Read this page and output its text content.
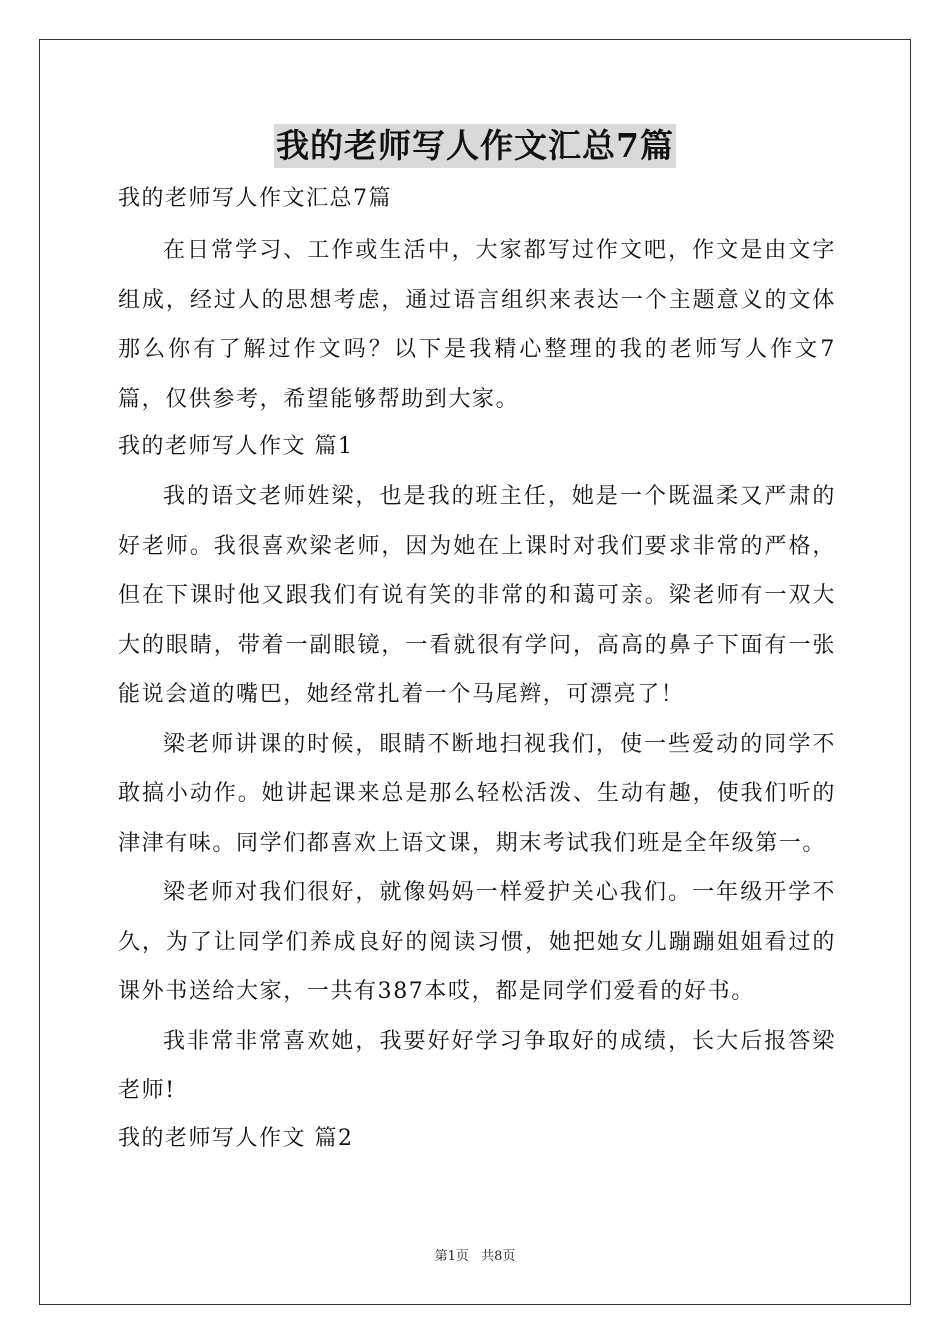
我的老师写人作文汇总7篇
我的老师写人作文汇总7篇

在日常学习、工作或生活中，大家都写过作文吧，作文是由文字组成，经过人的思想考虑，通过语言组织来表达一个主题意义的文体那么你有了解过作文吗？以下是我精心整理的我的老师写人作文7篇，仅供参考，希望能够帮助到大家。

我的老师写人作文 篇1

我的语文老师姓梁，也是我的班主任，她是一个既温柔又严肃的好老师。我很喜欢梁老师，因为她在上课时对我们要求非常的严格，但在下课时他又跟我们有说有笑的非常的和蔼可亲。梁老师有一双大大的眼睛，带着一副眼镜，一看就很有学问，高高的鼻子下面有一张能说会道的嘴巴，她经常扎着一个马尾辫，可漂亮了！

梁老师讲课的时候，眼睛不断地扫视我们，使一些爱动的同学不敢搞小动作。她讲起课来总是那么轻松活泼、生动有趣，使我们听的津津有味。同学们都喜欢上语文课，期末考试我们班是全年级第一。

梁老师对我们很好，就像妈妈一样爱护关心我们。一年级开学不久，为了让同学们养成良好的阅读习惯，她把她女儿蹦蹦姐姐看过的课外书送给大家，一共有387本哎，都是同学们爱看的好书。

我非常非常喜欢她，我要好好学习争取好的成绩，长大后报答梁老师!

我的老师写人作文 篇2

第1页 共8页
